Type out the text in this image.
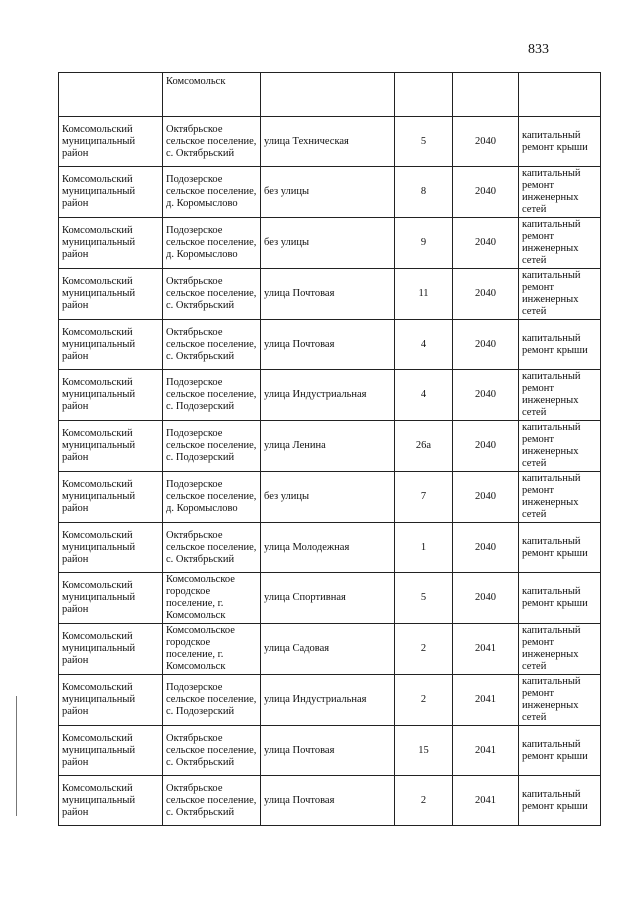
833
	Комсомольск				
Комсомольский муниципальный район	Октябрьское сельское поселение, с. Октябрьский	улица Техническая	5	2040	капитальный ремонт крыши
Комсомольский муниципальный район	Подозерское сельское поселение, д. Коромыслово	без улицы	8	2040	капитальный ремонт инженерных сетей
Комсомольский муниципальный район	Подозерское сельское поселение, д. Коромыслово	без улицы	9	2040	капитальный ремонт инженерных сетей
Комсомольский муниципальный район	Октябрьское сельское поселение, с. Октябрьский	улица Почтовая	11	2040	капитальный ремонт инженерных сетей
Комсомольский муниципальный район	Октябрьское сельское поселение, с. Октябрьский	улица Почтовая	4	2040	капитальный ремонт крыши
Комсомольский муниципальный район	Подозерское сельское поселение, с. Подозерский	улица Индустриальная	4	2040	капитальный ремонт инженерных сетей
Комсомольский муниципальный район	Подозерское сельское поселение, с. Подозерский	улица Ленина	26а	2040	капитальный ремонт инженерных сетей
Комсомольский муниципальный район	Подозерское сельское поселение, д. Коромыслово	без улицы	7	2040	капитальный ремонт инженерных сетей
Комсомольский муниципальный район	Октябрьское сельское поселение, с. Октябрьский	улица Молодежная	1	2040	капитальный ремонт крыши
Комсомольский муниципальный район	Комсомольское городское поселение, г. Комсомольск	улица Спортивная	5	2040	капитальный ремонт крыши
Комсомольский муниципальный район	Комсомольское городское поселение, г. Комсомольск	улица Садовая	2	2041	капитальный ремонт инженерных сетей
Комсомольский муниципальный район	Подозерское сельское поселение, с. Подозерский	улица Индустриальная	2	2041	капитальный ремонт инженерных сетей
Комсомольский муниципальный район	Октябрьское сельское поселение, с. Октябрьский	улица Почтовая	15	2041	капитальный ремонт крыши
Комсомольский муниципальный район	Октябрьское сельское поселение, с. Октябрьский	улица Почтовая	2	2041	капитальный ремонт крыши
